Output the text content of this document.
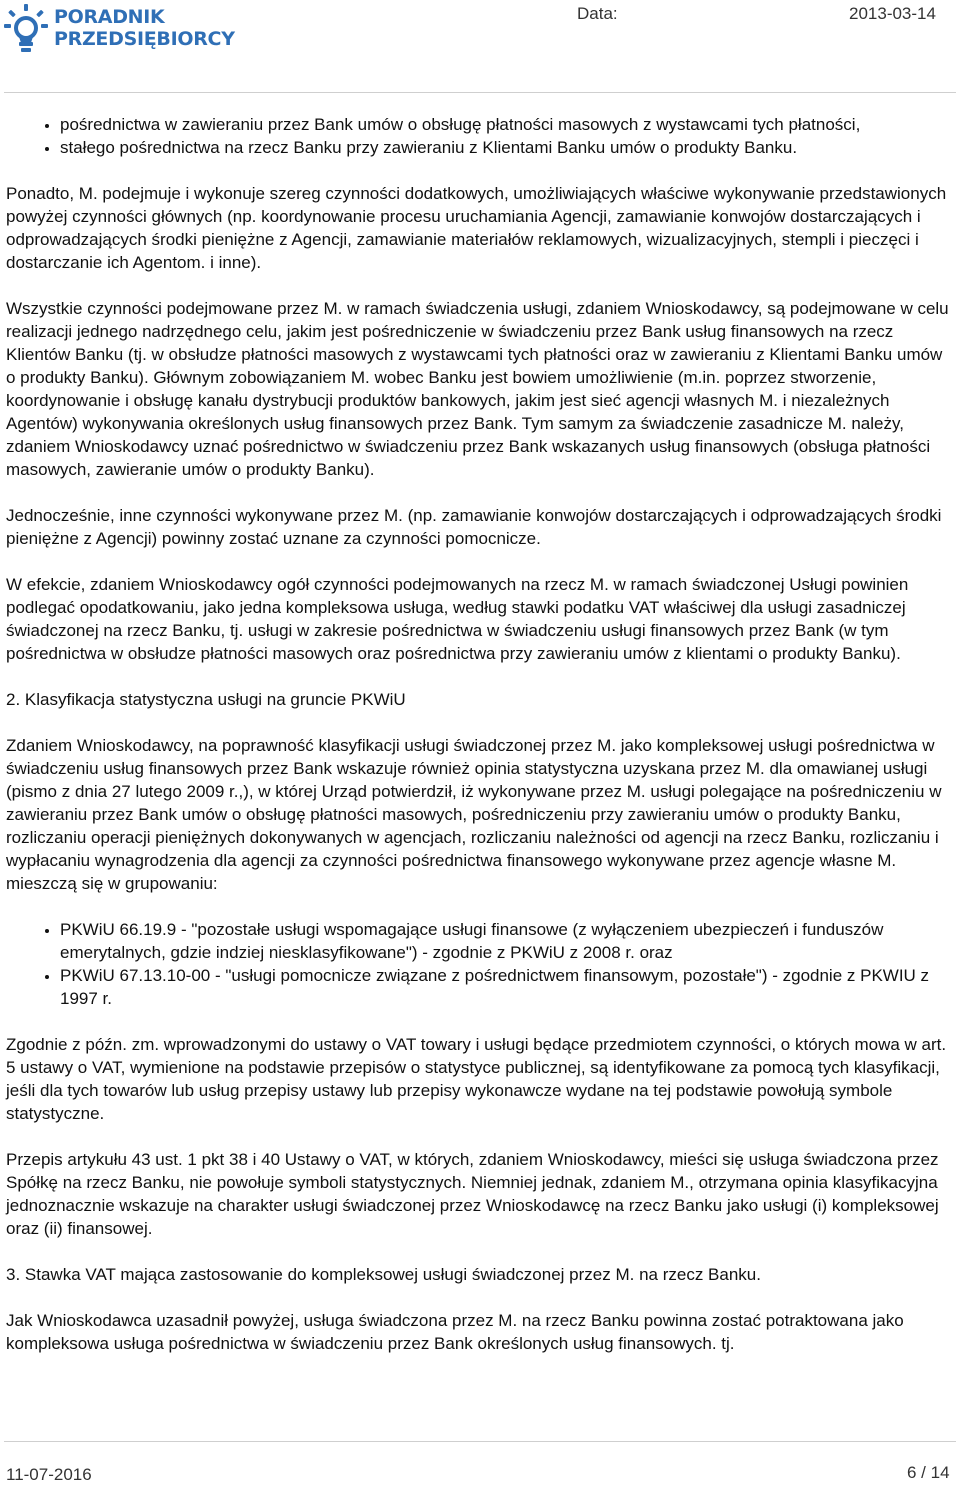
PORADNIK
PRZEDSIĘBIORCY
Data:	2013-03-14
• pośrednictwa w zawieraniu przez Bank umów o obsługę płatności masowych z wystawcami tych płatności,
• stałego pośrednictwa na rzecz Banku przy zawieraniu z Klientami Banku umów o produkty Banku.

Ponadto, M. podejmuje i wykonuje szereg czynności dodatkowych, umożliwiających właściwe wykonywanie przedstawionych powyżej czynności głównych (np. koordynowanie procesu uruchamiania Agencji, zamawianie konwojów dostarczających i odprowadzających środki pieniężne z Agencji, zamawianie materiałów reklamowych, wizualizacyjnych, stempli i pieczęci i dostarczanie ich Agentom. i inne).

Wszystkie czynności podejmowane przez M. w ramach świadczenia usługi, zdaniem Wnioskodawcy, są podejmowane w celu realizacji jednego nadrzędnego celu, jakim jest pośredniczenie w świadczeniu przez Bank usług finansowych na rzecz Klientów Banku (tj. w obsłudze płatności masowych z wystawcami tych płatności oraz w zawieraniu z Klientami Banku umów o produkty Banku). Głównym zobowiązaniem M. wobec Banku jest bowiem umożliwienie (m.in. poprzez stworzenie, koordynowanie i obsługę kanału dystrybucji produktów bankowych, jakim jest sieć agencji własnych M. i niezależnych Agentów) wykonywania określonych usług finansowych przez Bank. Tym samym za świadczenie zasadnicze M. należy, zdaniem Wnioskodawcy uznać pośrednictwo w świadczeniu przez Bank wskazanych usług finansowych (obsługa płatności masowych, zawieranie umów o produkty Banku).

Jednocześnie, inne czynności wykonywane przez M. (np. zamawianie konwojów dostarczających i odprowadzających środki pieniężne z Agencji) powinny zostać uznane za czynności pomocnicze.

W efekcie, zdaniem Wnioskodawcy ogół czynności podejmowanych na rzecz M. w ramach świadczonej Usługi powinien podlegać opodatkowaniu, jako jedna kompleksowa usługa, według stawki podatku VAT właściwej dla usługi zasadniczej świadczonej na rzecz Banku, tj. usługi w zakresie pośrednictwa w świadczeniu usługi finansowych przez Bank (w tym pośrednictwa w obsłudze płatności masowych oraz pośrednictwa przy zawieraniu umów z klientami o produkty Banku).

2. Klasyfikacja statystyczna usługi na gruncie PKWiU

Zdaniem Wnioskodawcy, na poprawność klasyfikacji usługi świadczonej przez M. jako kompleksowej usługi pośrednictwa w świadczeniu usług finansowych przez Bank wskazuje również opinia statystyczna uzyskana przez M. dla omawianej usługi (pismo z dnia 27 lutego 2009 r.,), w której Urząd potwierdził, iż wykonywane przez M. usługi polegające na pośredniczeniu w zawieraniu przez Bank umów o obsługę płatności masowych, pośredniczeniu przy zawieraniu umów o produkty Banku, rozliczaniu operacji pieniężnych dokonywanych w agencjach, rozliczaniu należności od agencji na rzecz Banku, rozliczaniu i wypłacaniu wynagrodzenia dla agencji za czynności pośrednictwa finansowego wykonywane przez agencje własne M. mieszczą się w grupowaniu:

• PKWiU 66.19.9 - "pozostałe usługi wspomagające usługi finansowe (z wyłączeniem ubezpieczeń i funduszów emerytalnych, gdzie indziej niesklasyfikowane") - zgodnie z PKWiU z 2008 r. oraz
• PKWiU 67.13.10-00 - "usługi pomocnicze związane z pośrednictwem finansowym, pozostałe") - zgodnie z PKWIU z 1997 r.

Zgodnie z późn. zm. wprowadzonymi do ustawy o VAT towary i usługi będące przedmiotem czynności, o których mowa w art. 5 ustawy o VAT, wymienione na podstawie przepisów o statystyce publicznej, są identyfikowane za pomocą tych klasyfikacji, jeśli dla tych towarów lub usług przepisy ustawy lub przepisy wykonawcze wydane na tej podstawie powołują symbole statystyczne.

Przepis artykułu 43 ust. 1 pkt 38 i 40 Ustawy o VAT, w których, zdaniem Wnioskodawcy, mieści się usługa świadczona przez Spółkę na rzecz Banku, nie powołuje symboli statystycznych. Niemniej jednak, zdaniem M., otrzymana opinia klasyfikacyjna jednoznacznie wskazuje na charakter usługi świadczonej przez Wnioskodawcę na rzecz Banku jako usługi (i) kompleksowej oraz (ii) finansowej.

3. Stawka VAT mająca zastosowanie do kompleksowej usługi świadczonej przez M. na rzecz Banku.

Jak Wnioskodawca uzasadnił powyżej, usługa świadczona przez M. na rzecz Banku powinna zostać potraktowana jako kompleksowa usługa pośrednictwa w świadczeniu przez Bank określonych usług finansowych. tj.

11-07-2016	6 / 14
